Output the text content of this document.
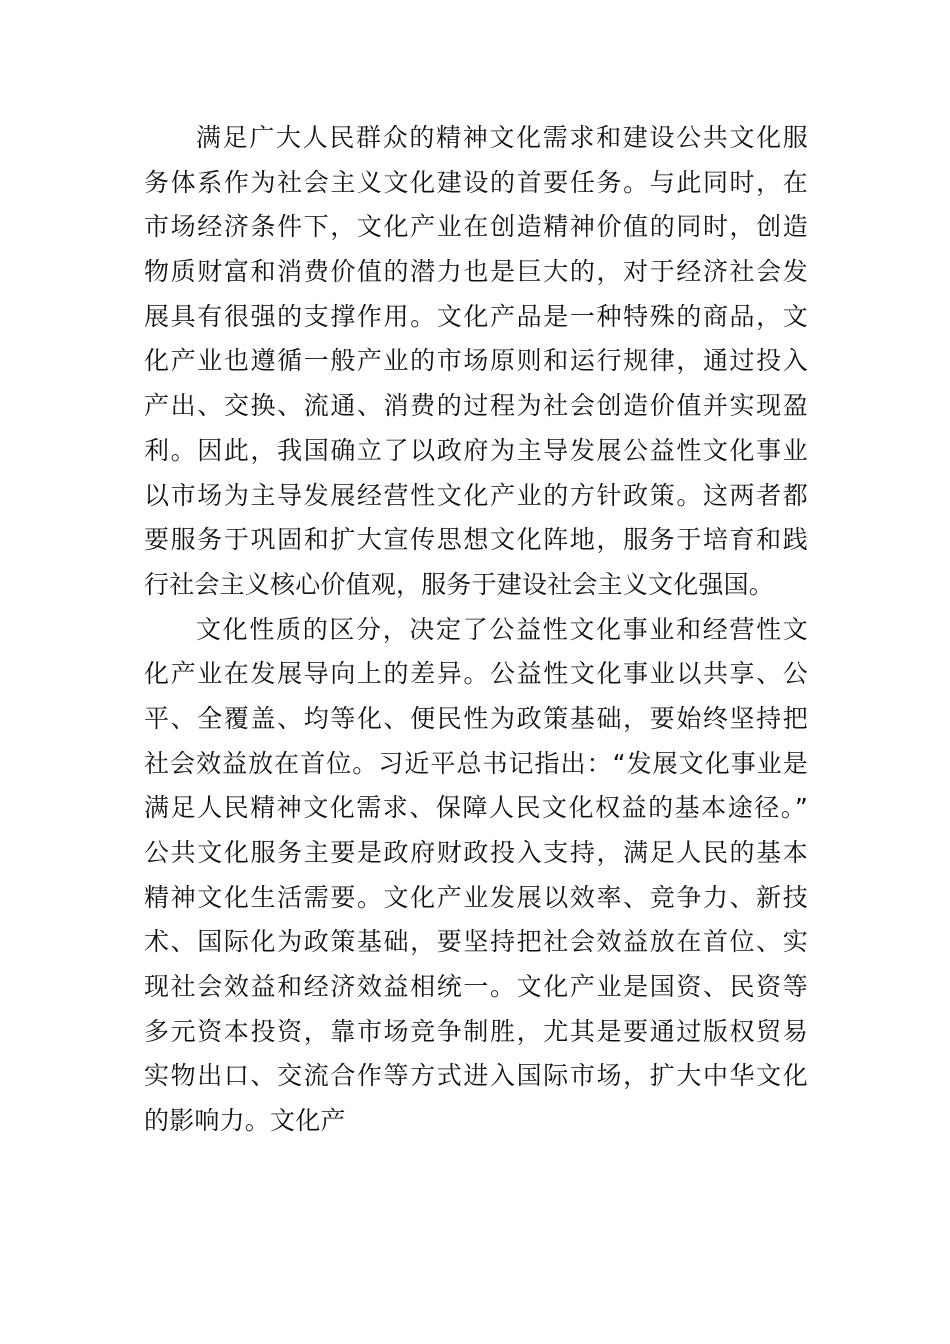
满足广大人民群众的精神文化需求和建设公共文化服
务体系作为社会主义文化建设的首要任务。与此同时，在
市场经济条件下，文化产业在创造精神价值的同时，创造
物质财富和消费价值的潜力也是巨大的，对于经济社会发
展具有很强的支撑作用。文化产品是一种特殊的商品，文
化产业也遵循一般产业的市场原则和运行规律，通过投入
产出、交换、流通、消费的过程为社会创造价值并实现盈
利。因此，我国确立了以政府为主导发展公益性文化事业
以市场为主导发展经营性文化产业的方针政策。这两者都
要服务于巩固和扩大宣传思想文化阵地，服务于培育和践
行社会主义核心价值观，服务于建设社会主义文化强国。
文化性质的区分，决定了公益性文化事业和经营性文
化产业在发展导向上的差异。公益性文化事业以共享、公
平、全覆盖、均等化、便民性为政策基础，要始终坚持把
社会效益放在首位。习近平总书记指出：“发展文化事业是
满足人民精神文化需求、保障人民文化权益的基本途径。”
公共文化服务主要是政府财政投入支持，满足人民的基本
精神文化生活需要。文化产业发展以效率、竞争力、新技
术、国际化为政策基础，要坚持把社会效益放在首位、实
现社会效益和经济效益相统一。文化产业是国资、民资等
多元资本投资，靠市场竞争制胜，尤其是要通过版权贸易
实物出口、交流合作等方式进入国际市场，扩大中华文化
的影响力。文化产
